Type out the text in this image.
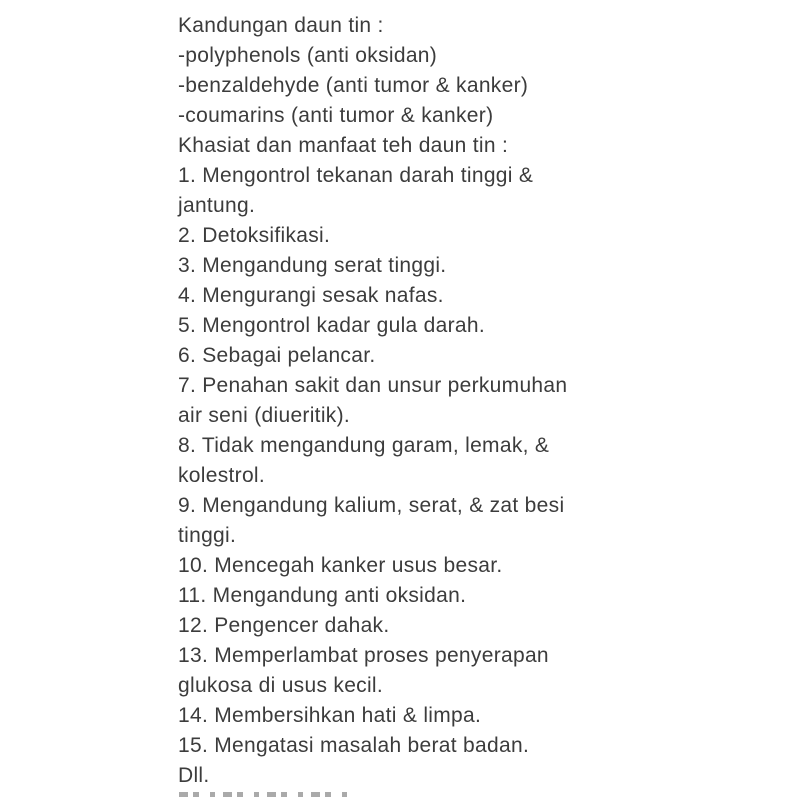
Kandungan daun tin :
-polyphenols (anti oksidan)
-benzaldehyde (anti tumor & kanker)
-coumarins (anti tumor & kanker)
Khasiat dan manfaat teh daun tin :
1. Mengontrol tekanan darah tinggi &
jantung.
2. Detoksifikasi.
3. Mengandung serat tinggi.
4. Mengurangi sesak nafas.
5. Mengontrol kadar gula darah.
6. Sebagai pelancar.
7. Penahan sakit dan unsur perkumuhan
air seni (diueritik).
8. Tidak mengandung garam, lemak, &
kolestrol.
9. Mengandung kalium, serat, & zat besi
tinggi.
10. Mencegah kanker usus besar.
11. Mengandung anti oksidan.
12. Pengencer dahak.
13. Memperlambat proses penyerapan
glukosa di usus kecil.
14. Membersihkan hati & limpa.
15. Mengatasi masalah berat badan.
Dll.
